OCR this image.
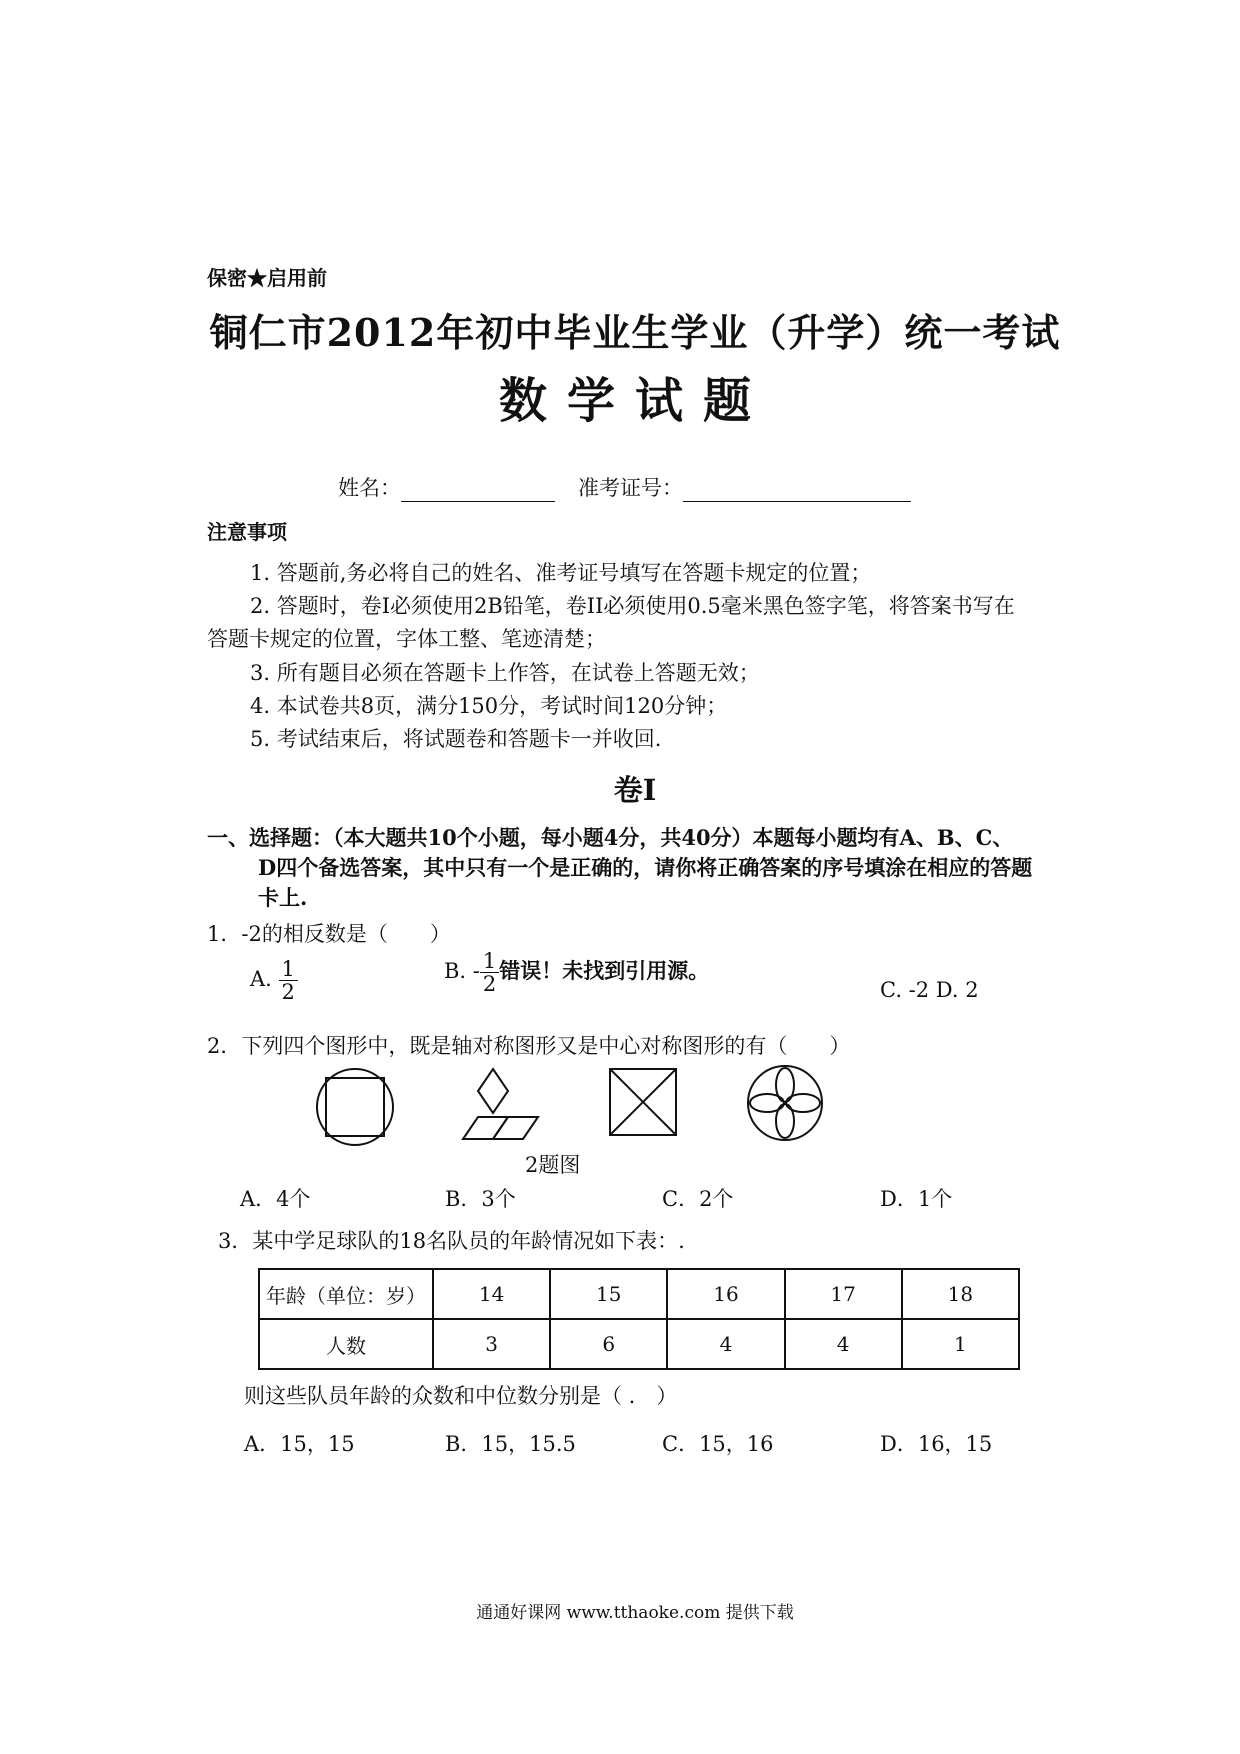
保密★启用前
铜仁市2012年初中毕业生学业（升学）统一考试
数学试题
姓名：	准考证号：
注意事项
1. 答题前,务必将自己的姓名、准考证号填写在答题卡规定的位置；
2. 答题时，卷I必须使用2B铅笔，卷II必须使用0.5毫米黑色签字笔，将答案书写在
答题卡规定的位置，字体工整、笔迹清楚；
3. 所有题目必须在答题卡上作答，在试卷上答题无效；
4. 本试卷共8页，满分150分，考试时间120分钟；
5. 考试结束后，将试题卷和答题卡一并收回.
卷I
一、选择题：（本大题共10个小题，每小题4分，共40分）本题每小题均有A、B、C、
D四个备选答案，其中只有一个是正确的，请你将正确答案的序号填涂在相应的答题
卡上.
1．-2的相反数是（　　）
A. $\frac{1}{2}$	B. - $\frac{1}{2}$ 错误！未找到引用源。
C. -2 D. 2
2．下列四个图形中，既是轴对称图形又是中心对称图形的有（　　）
2题图
A．4个	B．3个	C．2个	D．1个
3．某中学足球队的18名队员的年龄情况如下表：.
年龄（单位：岁）	14	15	16	17	18
人数	3	6	4	4	1
则这些队员年龄的众数和中位数分别是（ .　）
A．15，15	B．15，15.5	C．15，16	D．16，15
通通好课网 www.tthaoke.com 提供下载
